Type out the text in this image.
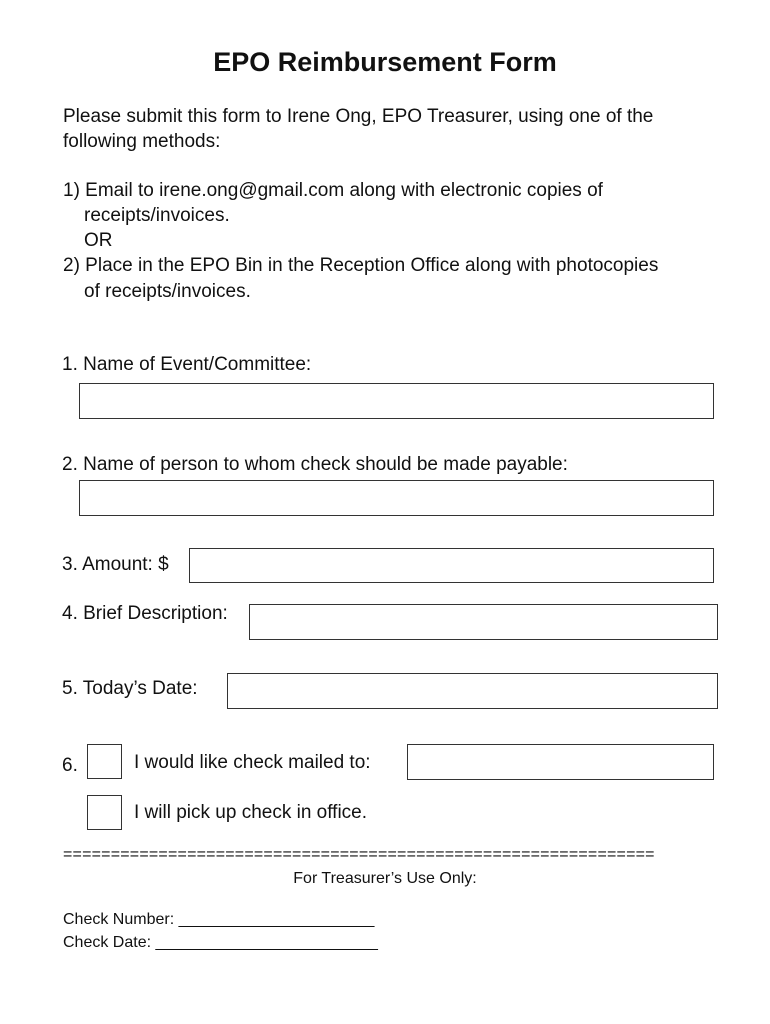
EPO Reimbursement Form
Please submit this form to Irene Ong, EPO Treasurer, using one of the
following methods:
1) Email to irene.ong@gmail.com along with electronic copies of
receipts/invoices.
OR
2) Place in the EPO Bin in the Reception Office along with photocopies
of receipts/invoices.
1. Name of Event/Committee:
2. Name of person to whom check should be made payable:
3. Amount: $
4. Brief Description:
5. Today’s Date:
6.	I would like check mailed to:
I will pick up check in office.
==============================================================
For Treasurer’s Use Only:
Check Number: ______________________
Check Date: _________________________
